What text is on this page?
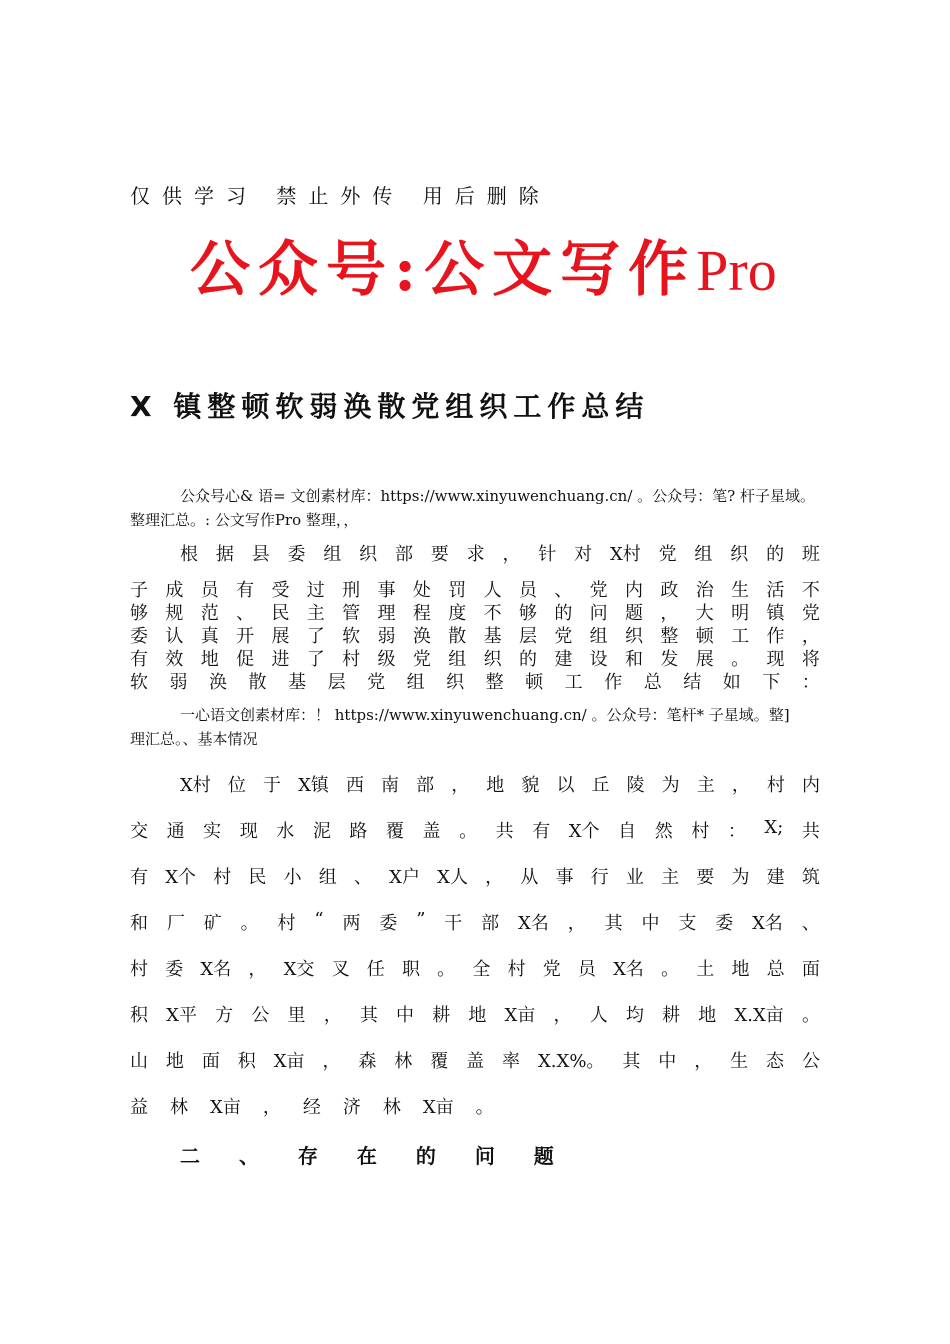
仅供学习 禁止外传 用后删除
公众号:公文写作Pro
X 镇整顿软弱涣散党组织工作总结
公众号心& 语= 文创素材库：https://www.xinyuwenchuang.cn/ 。公众号：笔? 杆子星域。
整理汇总。: 公文写作Pro 整理，，
根 据 县 委 组 织 部 要 求 ， 针 对 X村 党 组 织 的 班
子 成 员 有 受 过 刑 事 处 罚 人 员 、 党 内 政 治 生 活 不
够 规 范 、 民 主 管 理 程 度 不 够 的 问 题 ， 大 明 镇 党
委 认 真 开 展 了 软 弱 涣 散 基 层 党 组 织 整 顿 工 作 ，
有 效 地 促 进 了 村 级 党 组 织 的 建 设 和 发 展 。 现 将
软 弱 涣 散 基 层 党 组 织 整 顿 工 作 总 结 如 下 ：
一心语文创素材库：！ https://www.xinyuwenchuang.cn/ 。公众号：笔杆* 子星域。整]
理汇总。、基本情况
X村 位 于 X镇 西 南 部 ， 地 貌 以 丘 陵 为 主 ， 村 内
交 通 实 现 水 泥 路 覆 盖 。 共 有 X个 自 然 村 ： X; 共
有 X个 村 民 小 组 、 X户 X人 ， 从 事 行 业 主 要 为 建 筑
和 厂 矿 。 村 “ 两 委 ” 干 部 X名 ， 其 中 支 委 X名 、
村 委 X名 ， X交 叉 任 职 。 全 村 党 员 X名 。 土 地 总 面
积 X平 方 公 里 ， 其 中 耕 地 X亩 ， 人 均 耕 地 X.X亩 。
山 地 面 积 X亩 ， 森 林 覆 盖 率 X.X%。 其 中 ， 生 态 公
益 林 X亩 ， 经 济 林 X亩 。
二 、 存 在 的 问 题
